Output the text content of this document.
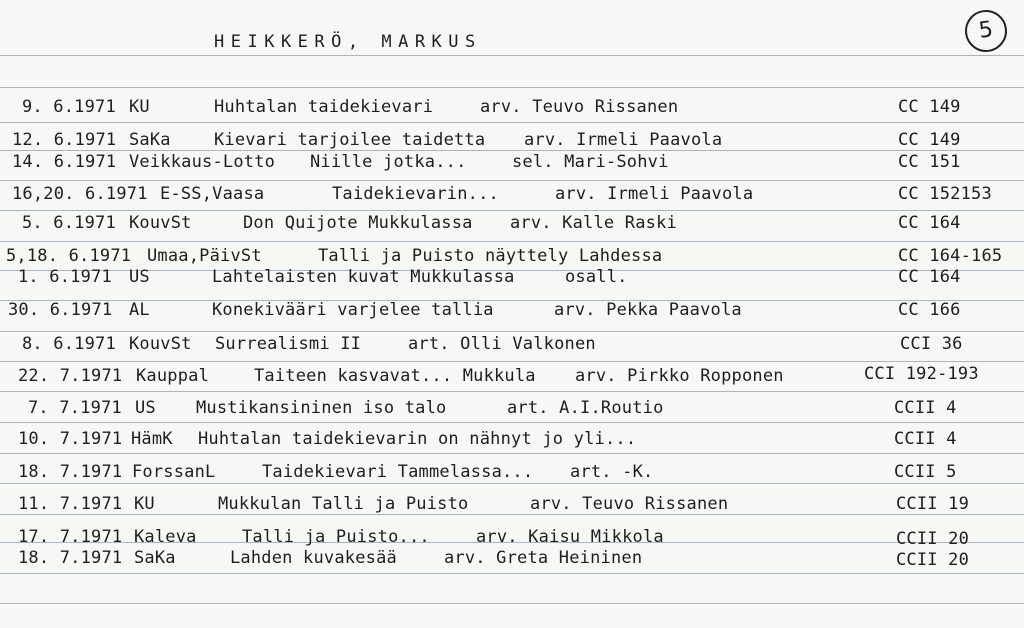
HEIKKERÖ, MARKUS	5
9. 6.1971 KU	Huhtalan taidekievari	arv. Teuvo Rissanen	CC 149
12. 6.1971 SaKa	Kievari tarjoilee taidetta arv. Irmeli Paavola	CC 149
14. 6.1971 Veikkaus-Lotto Niille jotka...	sel. Mari-Sohvi	CC 151
16,20. 6.1971 E-SS,Vaasa	Taidekievarin...	arv. Irmeli Paavola	CC 152153
5. 6.1971 KouvSt	Don Quijote Mukkulassa arv. Kalle Raski	CC 164
5,18. 6.1971 Umaa,PäivSt	Talli ja Puisto näyttely Lahdessa	CC 164-165
1. 6.1971 US	Lahtelaisten kuvat Mukkulassa	osall.	CC 164
30. 6.1971 AL	Konekivääri varjelee tallia	arv. Pekka Paavola	CC 166
8. 6.1971 KouvSt Surrealismi II	art. Olli Valkonen	CCI 36
22. 7.1971 Kauppal	Taiteen kasvavat... Mukkula arv. Pirkko Ropponen	CCI 192-193
7. 7.1971 US Mustikansininen iso talo	art. A.I.Routio	CCII 4
10. 7.1971 HämK Huhtalan taidekievarin on nähnyt jo yli...	CCII 4
18. 7.1971 ForssanL	Taidekievari Tammelassa... art. -K.	CCII 5
11. 7.1971 KU	Mukkulan Talli ja Puisto	arv. Teuvo Rissanen	CCII 19
17. 7.1971 Kaleva	Talli ja Puisto...	arv. Kaisu Mikkola	CCII 20
18. 7.1971 SaKa	Lahden kuvakesää	arv. Greta Heininen	CCII 20
